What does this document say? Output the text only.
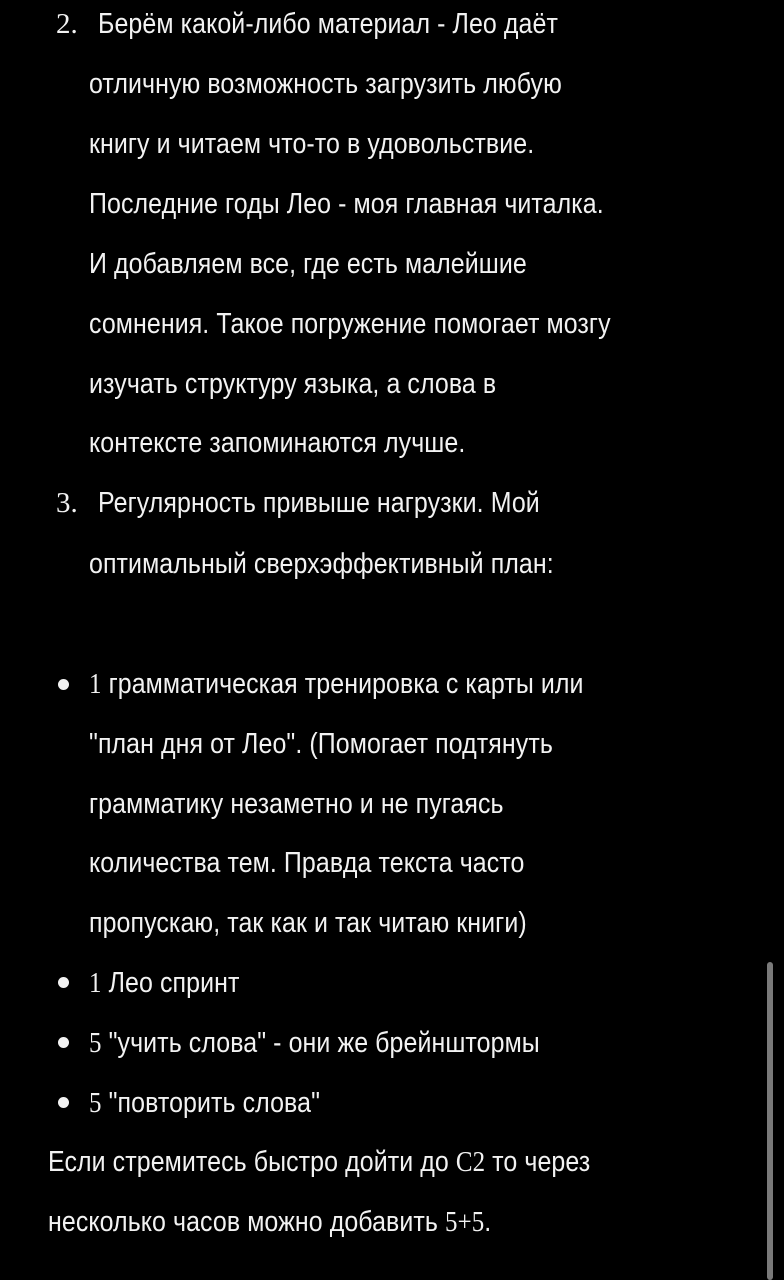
2. Берём какой-либо материал - Лео даёт
отличную возможность загрузить любую
книгу и читаем что-то в удовольствие.
Последние годы Лео - моя главная читалка.
И добавляем все, где есть малейшие
сомнения. Такое погружение помогает мозгу
изучать структуру языка, а слова в
контексте запоминаются лучше.
3. Регулярность привыше нагрузки. Мой
оптимальный сверхэффективный план:
1 грамматическая тренировка с карты или
"план дня от Лео". (Помогает подтянуть
грамматику незаметно и не пугаясь
количества тем. Правда текста часто
пропускаю, так как и так читаю книги)
1 Лео спринт
5 "учить слова" - они же брейнштормы
5 "повторить слова"
Если стремитесь быстро дойти до C2 то через
несколько часов можно добавить 5+5.
